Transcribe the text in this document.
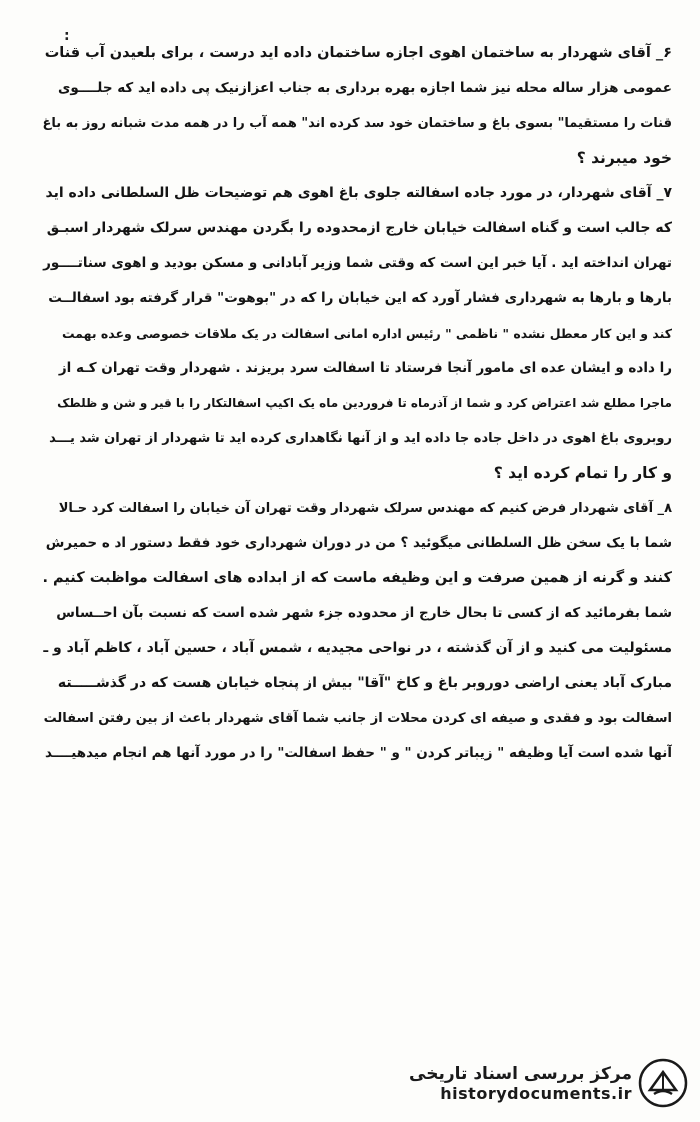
:
۶_ آقای شهردار به ساختمان اهوی اجازه ساختمان داده اید درست ، برای بلعیدن آب قنات
عمومی هزار ساله محله نیز شما اجازه بهره برداری به جناب اعزازنیک پی داده اید که جلــــوی
قنات را مستقیما" بسوی باغ و ساختمان خود سد کرده اند" همه آب را در همه مدت شبانه روز به باغ
خود میبرند ؟
۷_ آقای شهردار، در مورد جاده اسفالته جلوی باغ اهوی هم توضیحات ظل السلطانی داده اید
که جالب است و گناه اسفالت خیابان خارج ازمحدوده را بگردن مهندس سرلک شهردار اسبـق
تهران انداخته اید . آیا خبر این است که وقتی شما وزیر آبادانی و مسکن بودید و اهوی سناتــــور
بارها و بارها به شهرداری فشار آورد که این خیابان را که در "بوهوت" قرار گرفته بود اسفالــت
کند و این کار معطل نشده " ناظمی " رئیس اداره امانی اسفالت در یک ملاقات خصوصی وعده بهمت
را داده و ایشان عده ای مامور آنجا فرستاد تا اسفالت سرد بریزند . شهردار وقت تهران کـه از
ماجرا مطلع شد اعتراض کرد و شما از آذرماه تا فروردین ماه یک اکیپ اسفالتکار را با قیر و شن و ظلطک
روبروی باغ اهوی در داخل جاده جا داده اید و از آنها نگاهداری کرده اید تا شهردار از تهران شد یـــد
و کار را تمام کرده اید ؟
۸_ آقای شهردار فرض کنیم که مهندس سرلک شهردار وقت تهران آن خیابان را اسفالت کرد حـالا
شما با یک سخن ظل السلطانی میگوئید ؟ من در دوران شهرداری خود فقط دستور اد ه حمیرش
کنند و گرنه از همین صرفت و این وظیفه ماست که از ابداده های اسفالت مواظبت کنیم .
شما بفرمائید که از کسی تا بحال خارج از محدوده جزء شهر شده است که نسبت بآن احــساس
مسئولیت می کنید و از آن گذشته ، در نواحی مجیدیه ، شمس آباد ، حسین آباد ، کاظم آباد و ـ
مبارک آباد یعنی اراضی دوروبر باغ و کاخ "آقا" بیش از پنجاه خیابان هست که در گذشـــــته
اسفالت بود و فقدی و صیفه ای کردن محلات از جانب شما آقای شهردار باعث از بین رفتن اسفالت
آنها شده است آیا وظیفه " زیباتر کردن " و " حفظ اسفالت" را در مورد آنها هم انجام میدهیــــد
مرکز بررسی اسناد تاریخی
historydocuments.ir
